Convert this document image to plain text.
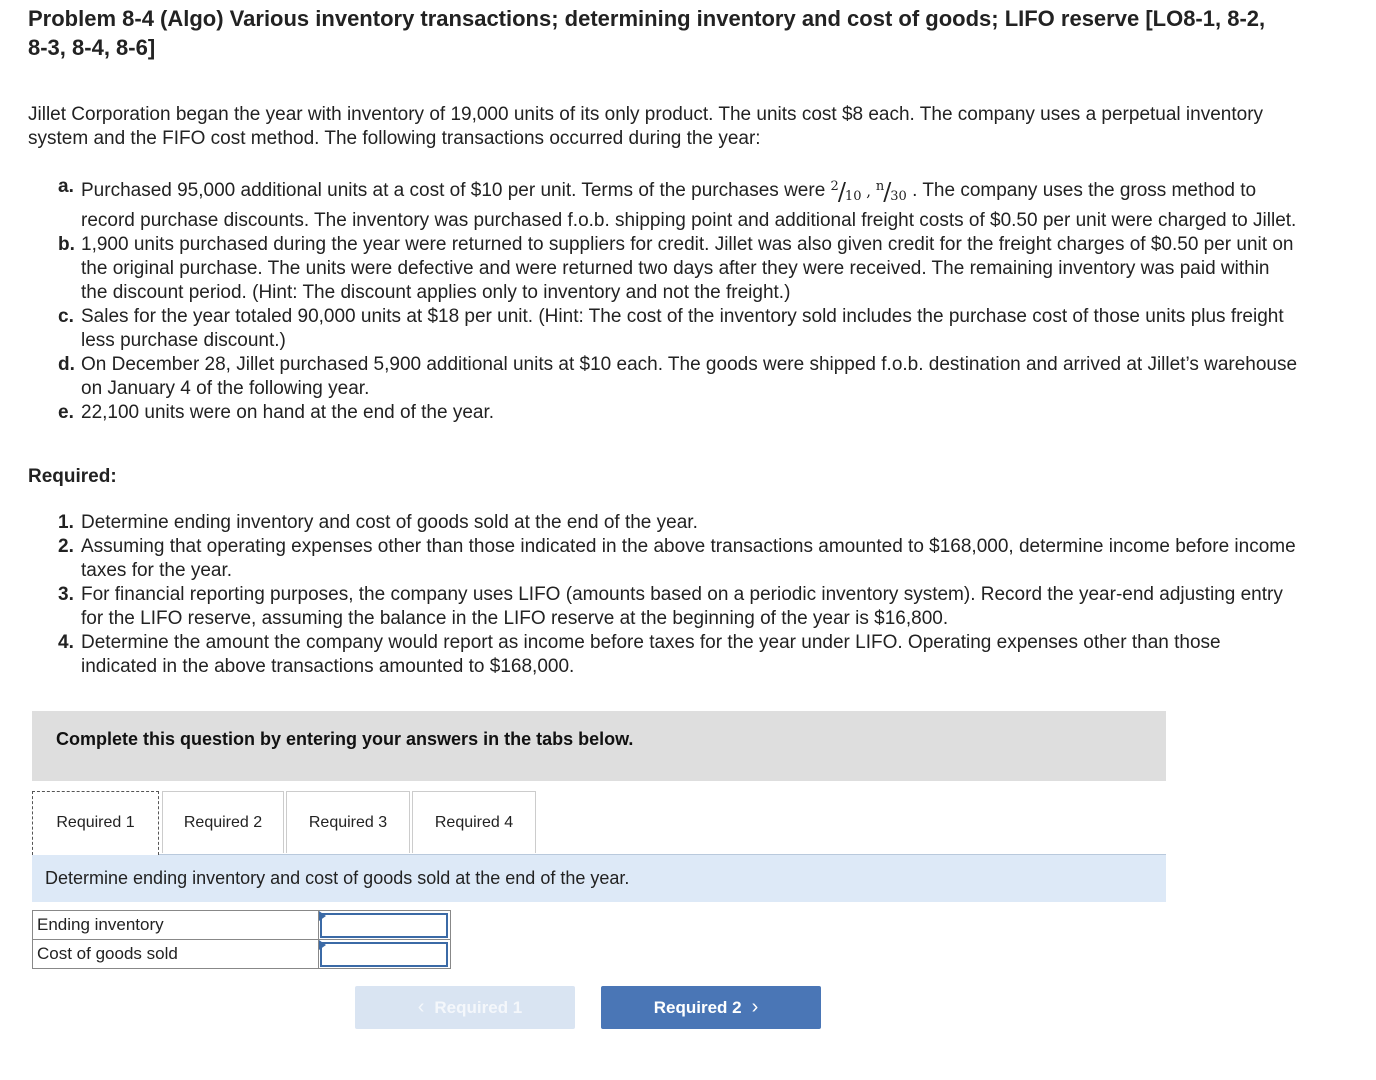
Problem 8-4 (Algo) Various inventory transactions; determining inventory and cost of goods; LIFO reserve [LO8-1, 8-2, 8-3, 8-4, 8-6]
Jillet Corporation began the year with inventory of 19,000 units of its only product. The units cost $8 each. The company uses a perpetual inventory system and the FIFO cost method. The following transactions occurred during the year:
a. Purchased 95,000 additional units at a cost of $10 per unit. Terms of the purchases were $^2/_{10}$ , $^n/_{30}$ . The company uses the gross method to record purchase discounts. The inventory was purchased f.o.b. shipping point and additional freight costs of $0.50 per unit were charged to Jillet.
b. 1,900 units purchased during the year were returned to suppliers for credit. Jillet was also given credit for the freight charges of $0.50 per unit on the original purchase. The units were defective and were returned two days after they were received. The remaining inventory was paid within the discount period. (Hint: The discount applies only to inventory and not the freight.)
c. Sales for the year totaled 90,000 units at $18 per unit. (Hint: The cost of the inventory sold includes the purchase cost of those units plus freight less purchase discount.)
d. On December 28, Jillet purchased 5,900 additional units at $10 each. The goods were shipped f.o.b. destination and arrived at Jillet’s warehouse on January 4 of the following year.
e. 22,100 units were on hand at the end of the year.
Required:
1. Determine ending inventory and cost of goods sold at the end of the year.
2. Assuming that operating expenses other than those indicated in the above transactions amounted to $168,000, determine income before income taxes for the year.
3. For financial reporting purposes, the company uses LIFO (amounts based on a periodic inventory system). Record the year-end adjusting entry for the LIFO reserve, assuming the balance in the LIFO reserve at the beginning of the year is $16,800.
4. Determine the amount the company would report as income before taxes for the year under LIFO. Operating expenses other than those indicated in the above transactions amounted to $168,000.
Complete this question by entering your answers in the tabs below.
Required 1	Required 2	Required 3	Required 4
Determine ending inventory and cost of goods sold at the end of the year.
Ending inventory	

Cost of goods sold	
‹ Required 1	Required 2 ›
